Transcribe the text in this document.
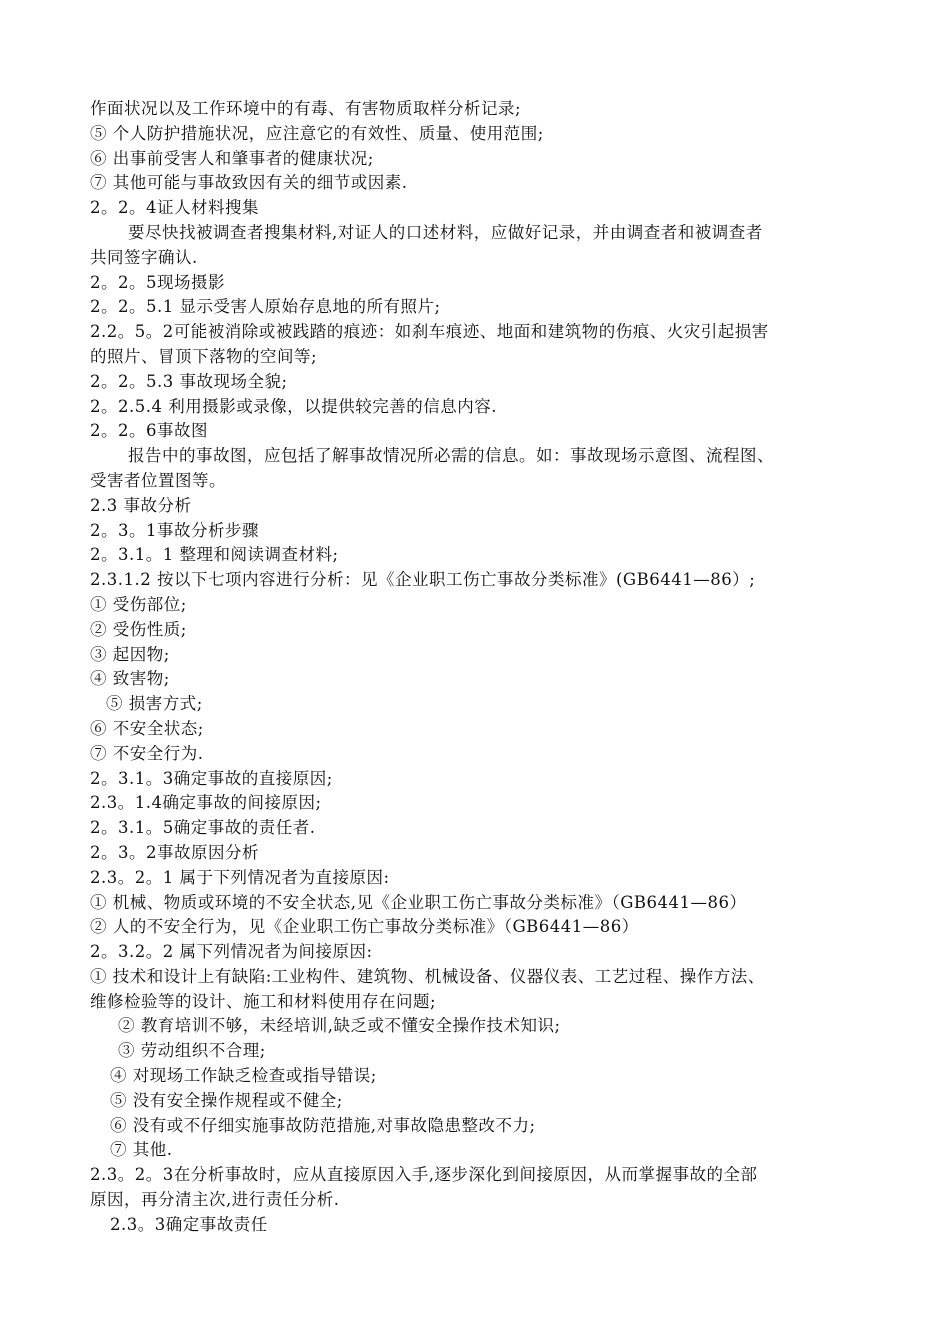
作面状况以及工作环境中的有毒、有害物质取样分析记录;
⑤ 个人防护措施状况，应注意它的有效性、质量、使用范围;
⑥ 出事前受害人和肇事者的健康状况;
⑦ 其他可能与事故致因有关的细节或因素.
2。2。4证人材料搜集
要尽快找被调查者搜集材料,对证人的口述材料，应做好记录，并由调查者和被调查者
共同签字确认.
2。2。5现场摄影
2。2。5.1 显示受害人原始存息地的所有照片;
2.2。5。2可能被消除或被践踏的痕迹：如刹车痕迹、地面和建筑物的伤痕、火灾引起损害
的照片、冒顶下落物的空间等;
2。2。5.3 事故现场全貌;
2。2.5.4 利用摄影或录像，以提供较完善的信息内容.
2。2。6事故图
报告中的事故图，应包括了解事故情况所必需的信息。如：事故现场示意图、流程图、
受害者位置图等。
2.3 事故分析
2。3。1事故分析步骤
2。3.1。1 整理和阅读调查材料;
2.3.1.2 按以下七项内容进行分析：见《企业职工伤亡事故分类标准》(GB6441—86）;
① 受伤部位;
② 受伤性质;
③ 起因物;
④ 致害物;
⑤ 损害方式;
⑥ 不安全状态;
⑦ 不安全行为.
2。3.1。3确定事故的直接原因;
2.3。1.4确定事故的间接原因;
2。3.1。5确定事故的责任者.
2。3。2事故原因分析
2.3。2。1 属于下列情况者为直接原因:
① 机械、物质或环境的不安全状态,见《企业职工伤亡事故分类标准》（GB6441—86）
② 人的不安全行为，见《企业职工伤亡事故分类标准》（GB6441—86）
2。3.2。2 属下列情况者为间接原因:
① 技术和设计上有缺陷:工业构件、建筑物、机械设备、仪器仪表、工艺过程、操作方法、
维修检验等的设计、施工和材料使用存在问题;
② 教育培训不够，未经培训,缺乏或不懂安全操作技术知识;
③ 劳动组织不合理;
④ 对现场工作缺乏检查或指导错误;
⑤ 没有安全操作规程或不健全;
⑥ 没有或不仔细实施事故防范措施,对事故隐患整改不力;
⑦ 其他.
2.3。2。3在分析事故时，应从直接原因入手,逐步深化到间接原因，从而掌握事故的全部
原因，再分清主次,进行责任分析.
2.3。3确定事故责任
